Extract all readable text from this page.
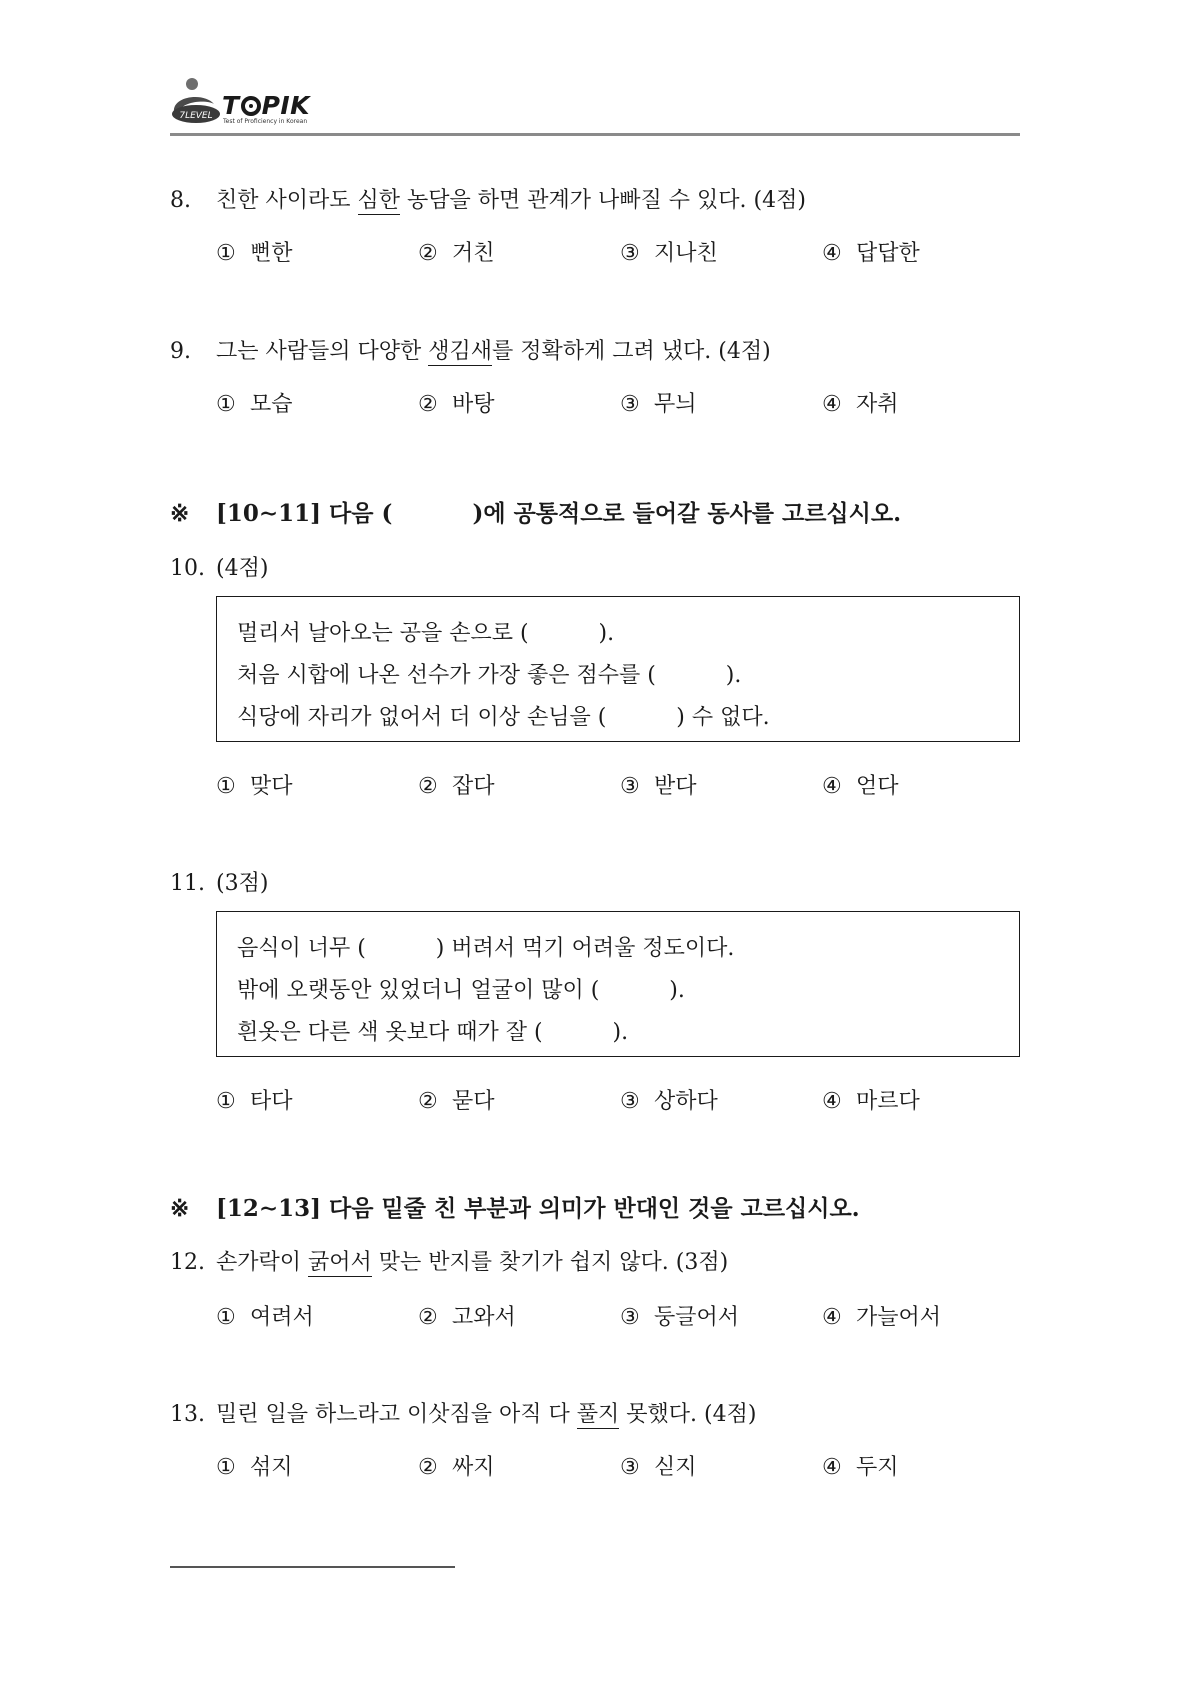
7LEVEL T PIK
Test of Proficiency in Korean
8. 친한 사이라도 심한 농담을 하면 관계가 나빠질 수 있다. (4점)
① 뻔한	② 거친	③ 지나친	④ 답답한
9. 그는 사람들의 다양한 생김새를 정확하게 그려 냈다. (4점)
① 모습	② 바탕	③ 무늬	④ 자취
※ [10∼11] 다음 (          )에 공통적으로 들어갈 동사를 고르십시오.
10. (4점)
멀리서 날아오는 공을 손으로 (          ).
처음 시합에 나온 선수가 가장 좋은 점수를 (          ).
식당에 자리가 없어서 더 이상 손님을 (          ) 수 없다.
① 맞다	② 잡다	③ 받다	④ 얻다
11. (3점)
음식이 너무 (          ) 버려서 먹기 어려울 정도이다.
밖에 오랫동안 있었더니 얼굴이 많이 (          ).
흰옷은 다른 색 옷보다 때가 잘 (          ).
① 타다	② 묻다	③ 상하다	④ 마르다
※ [12∼13] 다음 밑줄 친 부분과 의미가 반대인 것을 고르십시오.
12. 손가락이 굵어서 맞는 반지를 찾기가 쉽지 않다. (3점)
① 여려서	② 고와서	③ 둥글어서	④ 가늘어서
13. 밀린 일을 하느라고 이삿짐을 아직 다 풀지 못했다. (4점)
① 섞지	② 싸지	③ 싣지	④ 두지
